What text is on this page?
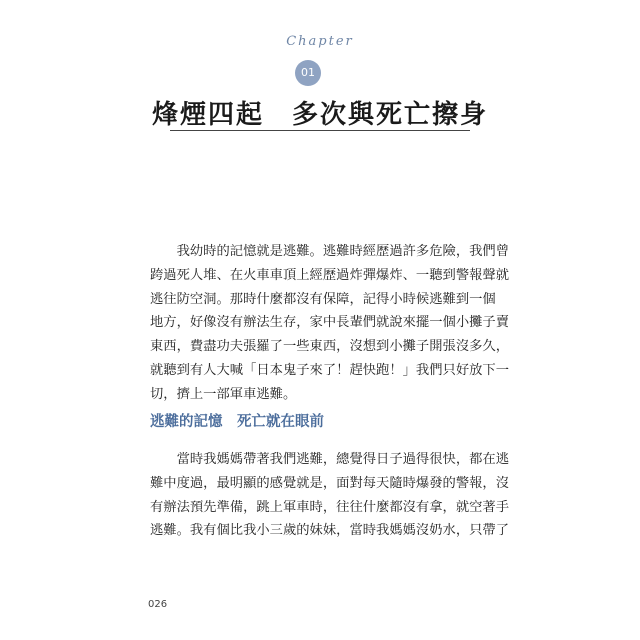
Chapter
01
烽煙四起　多次與死亡擦身
　　我幼時的記憶就是逃難。逃難時經歷過許多危險，我們曾
跨過死人堆、在火車車頂上經歷過炸彈爆炸、一聽到警報聲就
逃往防空洞。那時什麼都沒有保障，記得小時候逃難到一個
地方，好像沒有辦法生存，家中長輩們就說來擺一個小攤子賣
東西，費盡功夫張羅了一些東西，沒想到小攤子開張沒多久，
就聽到有人大喊「日本鬼子來了！趕快跑！」我們只好放下一
切，擠上一部軍車逃難。
逃難的記憶　死亡就在眼前
　　當時我媽媽帶著我們逃難，總覺得日子過得很快，都在逃
難中度過，最明顯的感覺就是，面對每天隨時爆發的警報，沒
有辦法預先準備，跳上軍車時，往往什麼都沒有拿，就空著手
逃難。我有個比我小三歲的妹妹，當時我媽媽沒奶水，只帶了
026
